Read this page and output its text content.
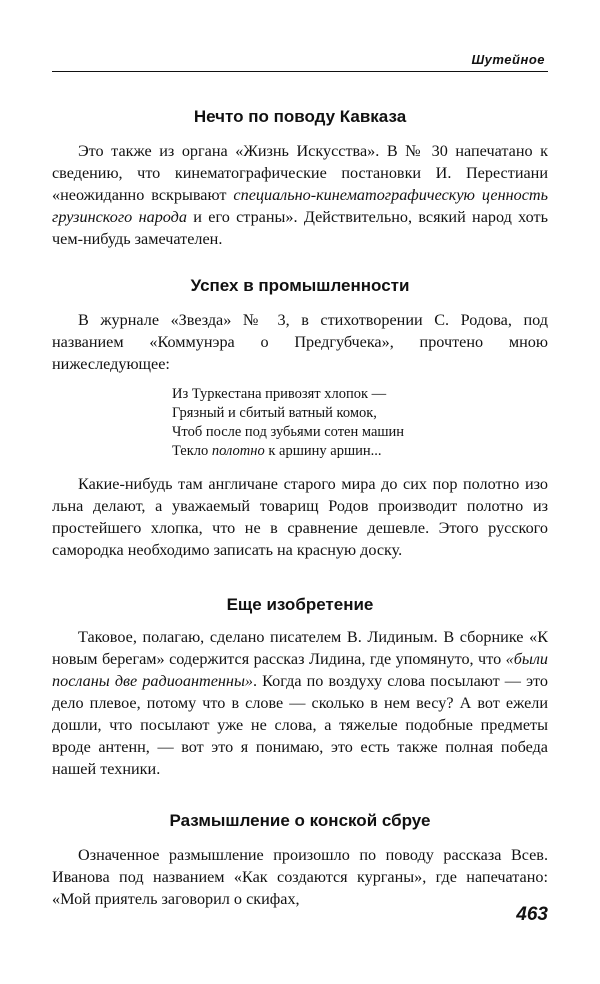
Шутейное
Нечто по поводу Кавказа

Это также из органа «Жизнь Искусства». В № 30 напечатано к сведению, что кинематографические постановки И. Перестиани «неожиданно вскрывают специально-кинематографическую ценность грузинского народа и его страны». Действительно, всякий народ хоть чем-нибудь замечателен.

Успех в промышленности

В журнале «Звезда» № 3, в стихотворении С. Родова, под названием «Коммунэра о Предгубчека», прочтено мною нижеследующее:

Из Туркестана привозят хлопок —
Грязный и сбитый ватный комок,
Чтоб после под зубьями сотен машин
Текло полотно к аршину аршин...

Какие-нибудь там англичане старого мира до сих пор полотно изо льна делают, а уважаемый товарищ Родов производит полотно из простейшего хлопка, что не в сравнение дешевле. Этого русского самородка необходимо записать на красную доску.

Еще изобретение

Таковое, полагаю, сделано писателем В. Лидиным. В сборнике «К новым берегам» содержится рассказ Лидина, где упомянуто, что «были посланы две радиоантенны». Когда по воздуху слова посылают — это дело плевое, потому что в слове — сколько в нем весу? А вот ежели дошли, что посылают уже не слова, а тяжелые подобные предметы вроде антенн, — вот это я понимаю, это есть также полная победа нашей техники.

Размышление о конской сбруе

Означенное размышление произошло по поводу рассказа Всев. Иванова под названием «Как создаются курганы», где напечатано: «Мой приятель заговорил о скифах,

463
